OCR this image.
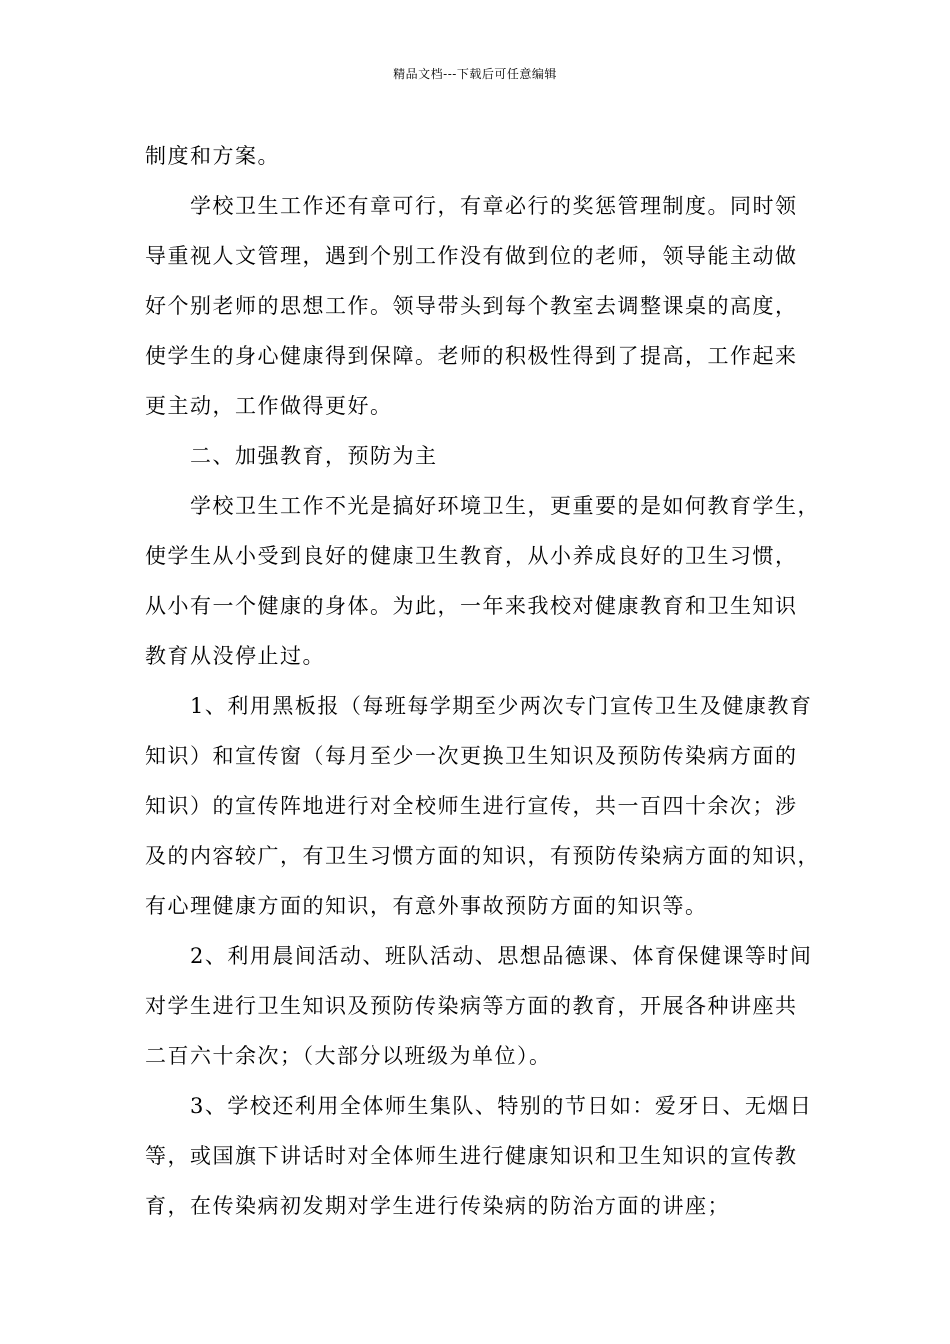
精品文档---下载后可任意编辑
制度和方案。
学校卫生工作还有章可行，有章必行的奖惩管理制度。同时领
导重视人文管理，遇到个别工作没有做到位的老师，领导能主动做
好个别老师的思想工作。领导带头到每个教室去调整课桌的高度，
使学生的身心健康得到保障。老师的积极性得到了提高，工作起来
更主动，工作做得更好。
二、加强教育，预防为主
学校卫生工作不光是搞好环境卫生，更重要的是如何教育学生，
使学生从小受到良好的健康卫生教育，从小养成良好的卫生习惯，
从小有一个健康的身体。为此，一年来我校对健康教育和卫生知识
教育从没停止过。
1、利用黑板报（每班每学期至少两次专门宣传卫生及健康教育
知识）和宣传窗（每月至少一次更换卫生知识及预防传染病方面的
知识）的宣传阵地进行对全校师生进行宣传，共一百四十余次；涉
及的内容较广，有卫生习惯方面的知识，有预防传染病方面的知识，
有心理健康方面的知识，有意外事故预防方面的知识等。
2、利用晨间活动、班队活动、思想品德课、体育保健课等时间
对学生进行卫生知识及预防传染病等方面的教育，开展各种讲座共
二百六十余次；（大部分以班级为单位）。
3、学校还利用全体师生集队、特别的节日如：爱牙日、无烟日
等，或国旗下讲话时对全体师生进行健康知识和卫生知识的宣传教
育，在传染病初发期对学生进行传染病的防治方面的讲座；
